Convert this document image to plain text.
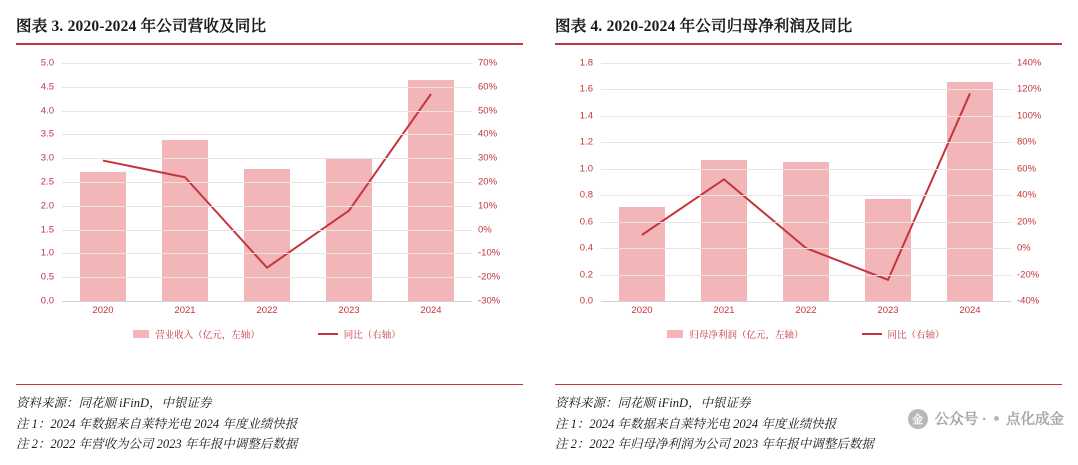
图表 3. 2020-2024 年公司营收及同比
0.0
0.5
1.0
1.5
2.0
2.5
3.0
3.5
4.0
4.5
5.0
-30%
-20%
-10%
0%
10%
20%
30%
40%
50%
60%
70%
2020	2021	2022	2023	2024
营业收入（亿元，左轴）	同比（右轴）
资料来源：同花顺 iFinD，中银证券
注 1：2024 年数据来自莱特光电 2024 年度业绩快报
注 2：2022 年营收为公司 2023 年年报中调整后数据
图表 4. 2020-2024 年公司归母净利润及同比
0.0
0.2
0.4
0.6
0.8
1.0
1.2
1.4
1.6
1.8
-40%
-20%
0%
20%
40%
60%
80%
100%
120%
140%
2020	2021	2022	2023	2024
归母净利润（亿元，左轴）	同比（右轴）
资料来源：同花顺 iFinD，中银证券
注 1：2024 年数据来自莱特光电 2024 年度业绩快报
注 2：2022 年归母净利润为公司 2023 年年报中调整后数据
金 公众号 · 点化成金
